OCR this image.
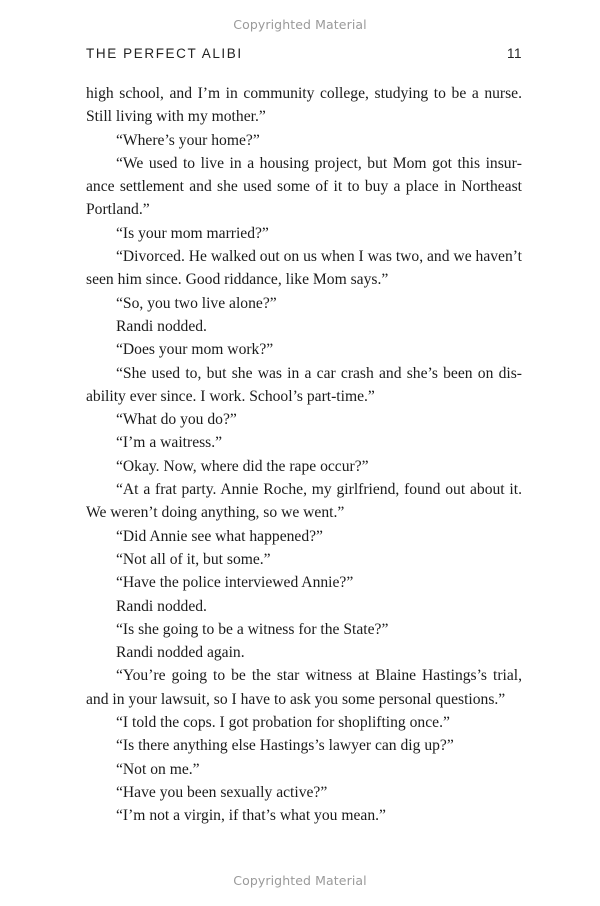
Copyrighted Material
THE PERFECT ALIBI	11

high school, and I’m in community college, studying to be a nurse. Still living with my mother.”

“Where’s your home?”

“We used to live in a housing project, but Mom got this insurance settlement and she used some of it to buy a place in Northeast Portland.”

“Is your mom married?”

“Divorced. He walked out on us when I was two, and we haven’t seen him since. Good riddance, like Mom says.”

“So, you two live alone?”

Randi nodded.

“Does your mom work?”

“She used to, but she was in a car crash and she’s been on disability ever since. I work. School’s part-time.”

“What do you do?”

“I’m a waitress.”

“Okay. Now, where did the rape occur?”

“At a frat party. Annie Roche, my girlfriend, found out about it. We weren’t doing anything, so we went.”

“Did Annie see what happened?”

“Not all of it, but some.”

“Have the police interviewed Annie?”

Randi nodded.

“Is she going to be a witness for the State?”

Randi nodded again.

“You’re going to be the star witness at Blaine Hastings’s trial, and in your lawsuit, so I have to ask you some personal questions.”

“I told the cops. I got probation for shoplifting once.”

“Is there anything else Hastings’s lawyer can dig up?”

“Not on me.”

“Have you been sexually active?”

“I’m not a virgin, if that’s what you mean.”

Copyrighted Material
